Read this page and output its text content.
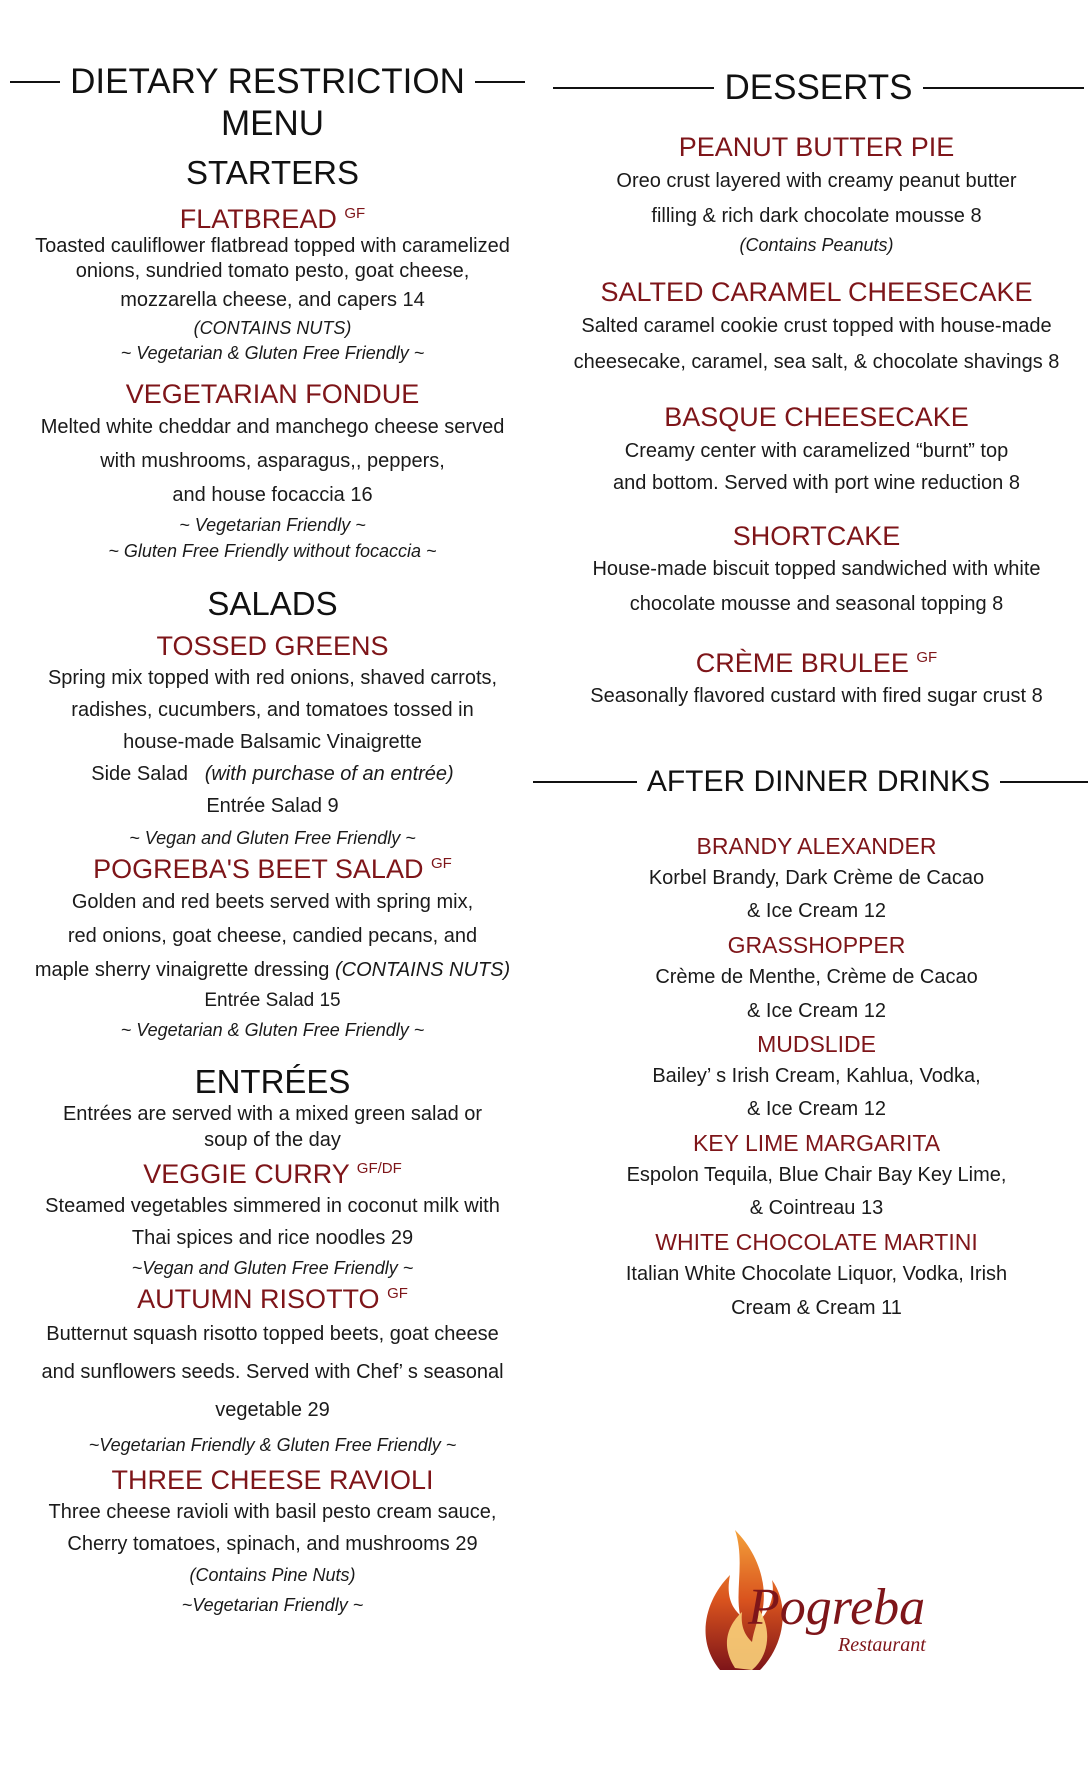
DIETARY RESTRICTION
MENU
STARTERS
FLATBREAD $^{GF}$

Toasted cauliflower flatbread topped with caramelized

onions, sundried tomato pesto, goat cheese,

mozzarella cheese, and capers 14

(CONTAINS NUTS)

~ Vegetarian & Gluten Free Friendly ~

VEGETARIAN FONDUE

Melted white cheddar and manchego cheese served

with mushrooms, asparagus,, peppers,

and house focaccia 16

~ Vegetarian Friendly ~

~ Gluten Free Friendly without focaccia ~

SALADS
TOSSED GREENS

Spring mix topped with red onions, shaved carrots,

radishes, cucumbers, and tomatoes tossed in

house-made Balsamic Vinaigrette

Side Salad (with purchase of an entrée)

Entrée Salad 9

~ Vegan and Gluten Free Friendly ~

POGREBA'S BEET SALAD $^{GF}$

Golden and red beets served with spring mix,

red onions, goat cheese, candied pecans, and

maple sherry vinaigrette dressing (CONTAINS NUTS)

Entrée Salad 15

~ Vegetarian & Gluten Free Friendly ~

ENTRÉES

Entrées are served with a mixed green salad or

soup of the day

VEGGIE CURRY $^{GF/DF}$

Steamed vegetables simmered in coconut milk with

Thai spices and rice noodles 29

~Vegan and Gluten Free Friendly ~

AUTUMN RISOTTO $^{GF}$

Butternut squash risotto topped beets, goat cheese

and sunflowers seeds. Served with Chef’ s seasonal

vegetable 29

~Vegetarian Friendly & Gluten Free Friendly ~

THREE CHEESE RAVIOLI

Three cheese ravioli with basil pesto cream sauce,

Cherry tomatoes, spinach, and mushrooms 29

(Contains Pine Nuts)

~Vegetarian Friendly ~

DESSERTS
PEANUT BUTTER PIE

Oreo crust layered with creamy peanut butter

filling & rich dark chocolate mousse 8

(Contains Peanuts)

SALTED CARAMEL CHEESECAKE

Salted caramel cookie crust topped with house-made

cheesecake, caramel, sea salt, & chocolate shavings 8

BASQUE CHEESECAKE

Creamy center with caramelized “burnt” top

and bottom. Served with port wine reduction 8

SHORTCAKE

House-made biscuit topped sandwiched with white

chocolate mousse and seasonal topping 8

CRÈME BRULEE $^{GF}$

Seasonally flavored custard with fired sugar crust 8

AFTER DINNER DRINKS
BRANDY ALEXANDER

Korbel Brandy, Dark Crème de Cacao

& Ice Cream 12

GRASSHOPPER

Crème de Menthe, Crème de Cacao

& Ice Cream 12

MUDSLIDE

Bailey’ s Irish Cream, Kahlua, Vodka,

& Ice Cream 12

KEY LIME MARGARITA

Espolon Tequila, Blue Chair Bay Key Lime,

& Cointreau 13

WHITE CHOCOLATE MARTINI

Italian White Chocolate Liquor, Vodka, Irish

Cream & Cream 11

Pogreba
Restaurant
